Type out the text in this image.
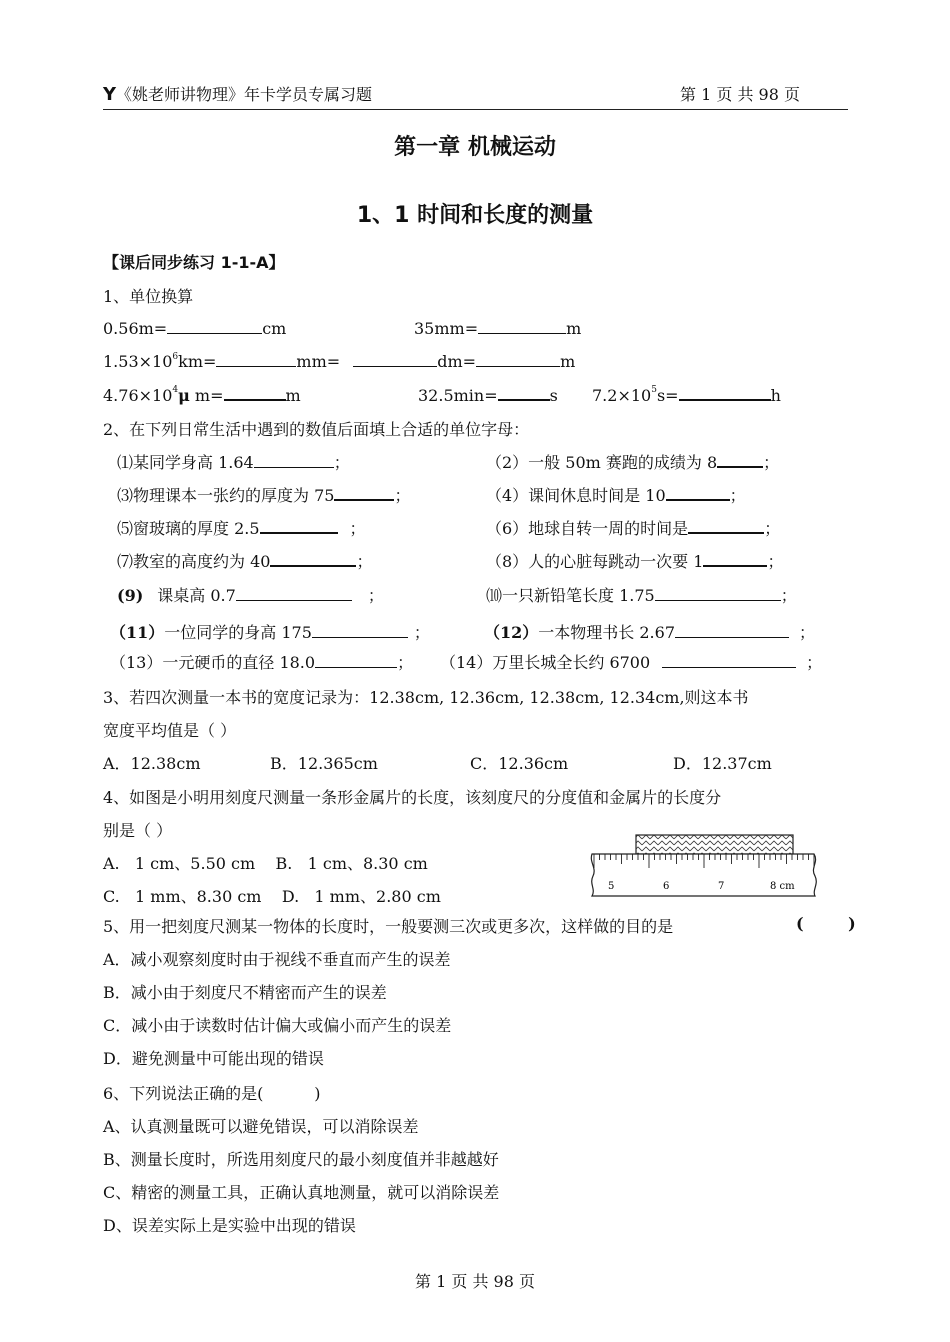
Y《姚老师讲物理》年卡学员专属习题	第 1 页 共 98 页
第一章 机械运动
1、1 时间和长度的测量
【课后同步练习 1-1-A】
1、单位换算
0.56m=	cm	35mm=	m
$1.53\times 10^6km=$	mm=	dm=	m
$4.76\times 10^4\mu$ m=	m	32.5min=	s $7.2\times 10^5s=$	h
2、在下列日常生活中遇到的数值后面填上合适的单位字母：
⑴某同学身高 1.64	；	（2）一般 50m 赛跑的成绩为 8	；
⑶物理课本一张约的厚度为 75	；	（4）课间休息时间是 10	；
⑸窗玻璃的厚度 2.5	；	（6）地球自转一周的时间是	；
⑺教室的高度约为 40	；	（8）人的心脏每跳动一次要 1	；
(9) 课桌高 0.7	；	⑽一只新铅笔长度 1.75	；
（11）一位同学的身高 175	；	（12）一本物理书长 2.67	；
（13）一元硬币的直径 18.0	； （14）万里长城全长约 6700	；
3、若四次测量一本书的宽度记录为：12.38cm, 12.36cm, 12.38cm, 12.34cm,则这本书
宽度平均值是（ ）
A．12.38cm	B．12.365cm	C．12.36cm	D．12.37cm
4、如图是小明用刻度尺测量一条形金属片的长度，该刻度尺的分度值和金属片的长度分
别是（ ）
A.   1 cm、5.50 cm    B.   1 cm、8.30 cm
C.   1 mm、8.30 cm    D.   1 mm、2.80 cm
5	6	7	8 cm
5、用一把刻度尺测某一物体的长度时，一般要测三次或更多次，这样做的目的是	(        )
A．减小观察刻度时由于视线不垂直而产生的误差
B．减小由于刻度尺不精密而产生的误差
C．减小由于读数时估计偏大或偏小而产生的误差
D．避免测量中可能出现的错误
6、下列说法正确的是(          )
A、认真测量既可以避免错误，可以消除误差
B、测量长度时，所选用刻度尺的最小刻度值并非越越好
C、精密的测量工具，正确认真地测量，就可以消除误差
D、误差实际上是实验中出现的错误
第 1 页 共 98 页
